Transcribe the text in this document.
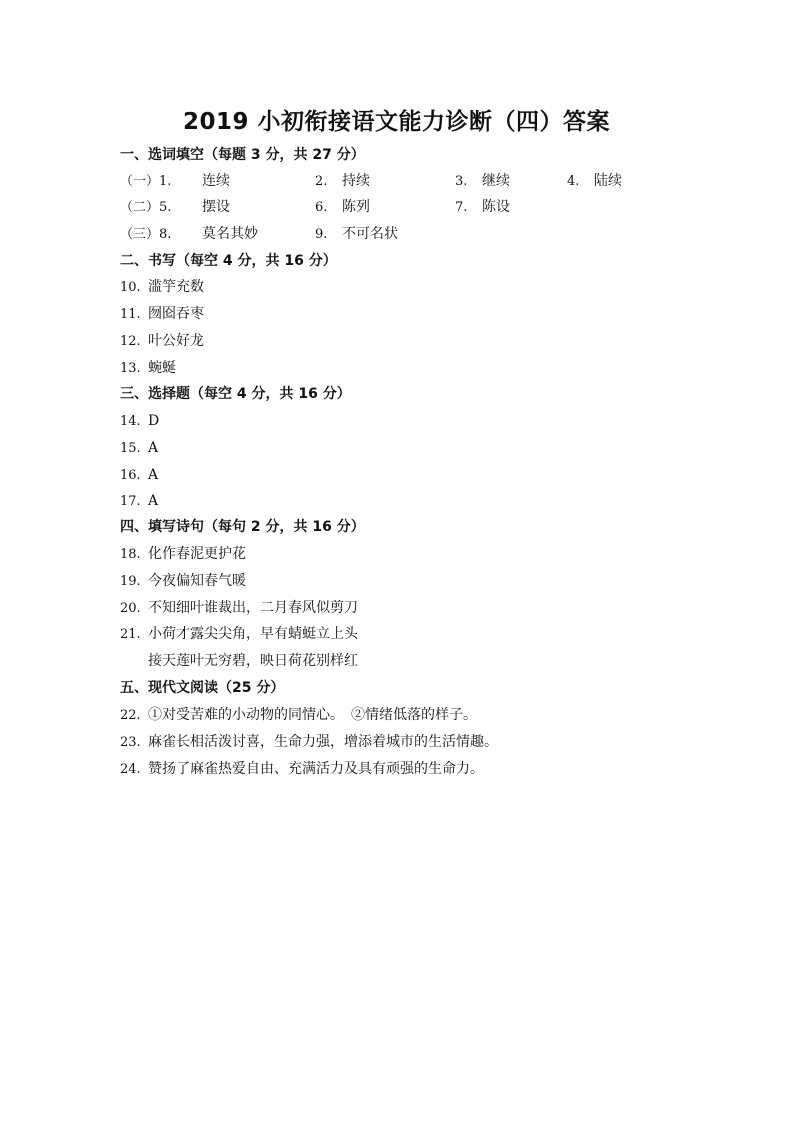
2019 小初衔接语文能力诊断（四）答案
一、选词填空（每题 3 分，共 27 分）
（一）1. 连续	2. 持续	3. 继续	4. 陆续
（二）5. 摆设	6. 陈列	7. 陈设
（三）8. 莫名其妙	9. 不可名状
二、书写（每空 4 分，共 16 分）
10. 滥竽充数
11. 囫囵吞枣
12. 叶公好龙
13. 蜿蜒
三、选择题（每空 4 分，共 16 分）
14. D
15. A
16. A
17. A
四、填写诗句（每句 2 分，共 16 分）
18. 化作春泥更护花
19. 今夜偏知春气暖
20. 不知细叶谁裁出，二月春风似剪刀
21. 小荷才露尖尖角，早有蜻蜓立上头
接天莲叶无穷碧，映日荷花别样红
五、现代文阅读（25 分）
22. ①对受苦难的小动物的同情心。　②情绪低落的样子。
23. 麻雀长相活泼讨喜，生命力强，增添着城市的生活情趣。
24. 赞扬了麻雀热爱自由、充满活力及具有顽强的生命力。
